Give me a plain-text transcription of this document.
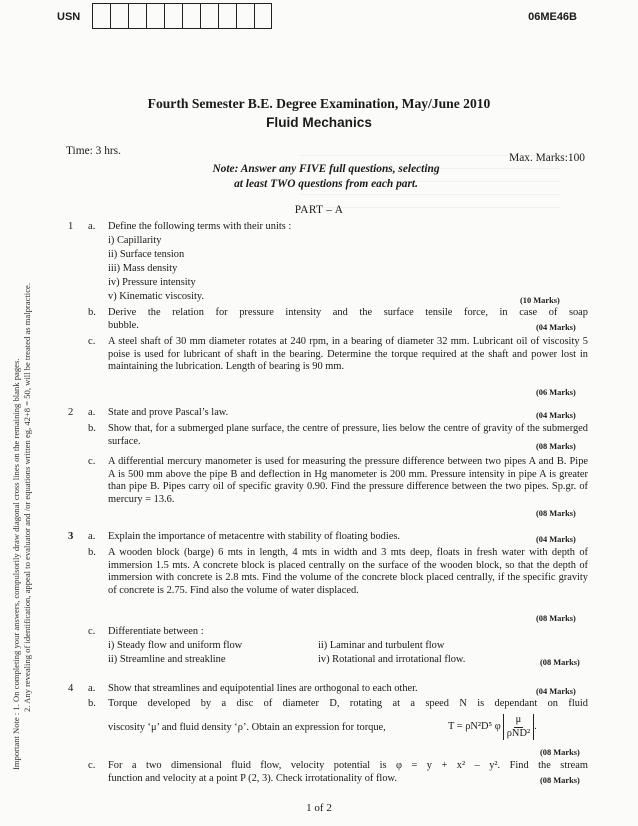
USN	06ME46B
Fourth Semester B.E. Degree Examination, May/June 2010
Fluid Mechanics
Time: 3 hrs.
Max. Marks:100
Note: Answer any FIVE full questions, selecting
at least TWO questions from each part.
PART – A
Important Note : 1. On completing your answers, compulsorily draw diagonal cross lines on the remaining blank pages. 2. Any revealing of identification, appeal to evaluator and /or equations written eg, 42+8 = 50, will be treated as malpractice.
1 a. Define the following terms with their units :
i) Capillarity
ii) Surface tension
iii) Mass density
iv) Pressure intensity
v) Kinematic viscosity.	(10 Marks)
b. Derive the relation for pressure intensity and the surface tensile force, in case of soap
bubble.	(04 Marks)
c. A steel shaft of 30 mm diameter rotates at 240 rpm, in a bearing of diameter 32 mm. Lubricant oil of viscosity 5 poise is used for lubricant of shaft in the bearing. Determine the torque required at the shaft and power lost in maintaining the lubrication. Length of bearing is 90 mm.
(06 Marks)
2 a. State and prove Pascal’s law.	(04 Marks)
b. Show that, for a submerged plane surface, the centre of pressure, lies below the centre of gravity of the submerged surface.	(08 Marks)
c. A differential mercury manometer is used for measuring the pressure difference between two pipes A and B. Pipe A is 500 mm above the pipe B and deflection in Hg manometer is 200 mm. Pressure intensity in pipe A is greater than pipe B. Pipes carry oil of specific gravity 0.90. Find the pressure difference between the two pipes. Sp.gr. of mercury = 13.6.
(08 Marks)
3 a. Explain the importance of metacentre with stability of floating bodies.	(04 Marks)
b. A wooden block (barge) 6 mts in length, 4 mts in width and 3 mts deep, floats in fresh water with depth of immersion 1.5 mts. A concrete block is placed centrally on the surface of the wooden block, so that the depth of immersion with concrete is 2.8 mts. Find the volume of the concrete block placed centrally, if the specific gravity of concrete is 2.75. Find also the volume of water displaced.
(08 Marks)
c. Differentiate between :
i) Steady flow and uniform flow
ii) Streamline and streakline
ii) Laminar and turbulent flow
iv) Rotational and irrotational flow.	(08 Marks)
4 a. Show that streamlines and equipotential lines are orthogonal to each other.	(04 Marks)
b. Torque developed by a disc of diameter D, rotating at a speed N is dependant on fluid
viscosity ‘μ’ and fluid density ‘ρ’. Obtain an expression for torque,	T = ρN²D⁵ φ
μ
ρND²
.
(08 Marks)
c. For a two dimensional fluid flow, velocity potential is φ = y + x² – y². Find the stream
function and velocity at a point P (2, 3). Check irrotationality of flow.	(08 Marks)
1 of 2
